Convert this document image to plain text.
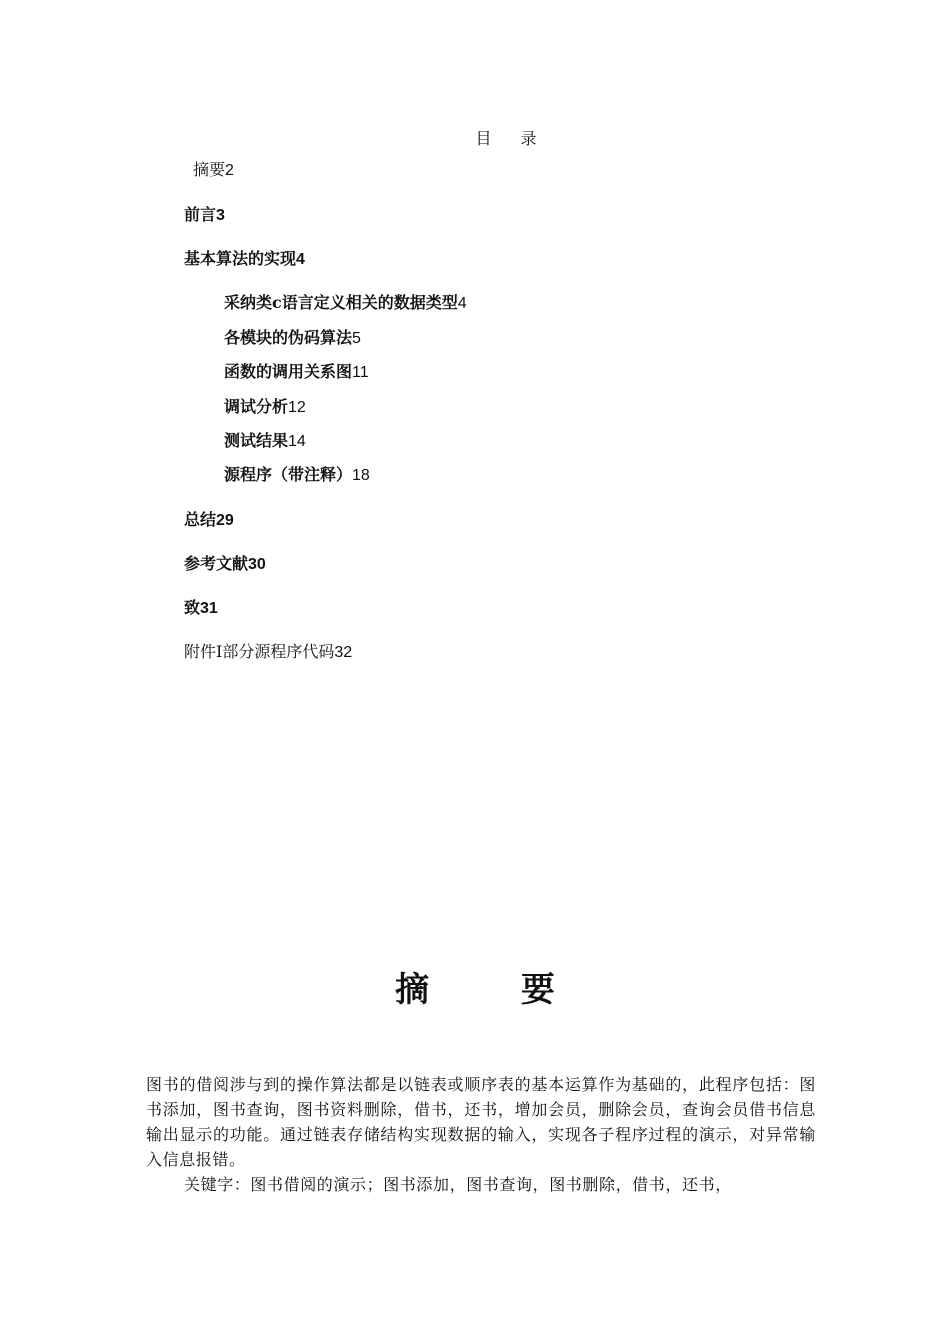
目 录
摘要2
前言3
基本算法的实现4
采纳类c语言定义相关的数据类型4
各模块的伪码算法5
函数的调用关系图11
调试分析12
测试结果14
源程序（带注释）18
总结29
参考文献30
致31
附件Ⅰ部分源程序代码32
摘 要

图书的借阅涉与到的操作算法都是以链表或顺序表的基本运算作为基础的，此程序包括：图书添加，图书查询，图书资料删除，借书，还书，增加会员，删除会员，查询会员借书信息输出显示的功能。通过链表存储结构实现数据的输入，实现各子程序过程的演示，对异常输入信息报错。

关键字：图书借阅的演示；图书添加，图书查询，图书删除，借书，还书，
